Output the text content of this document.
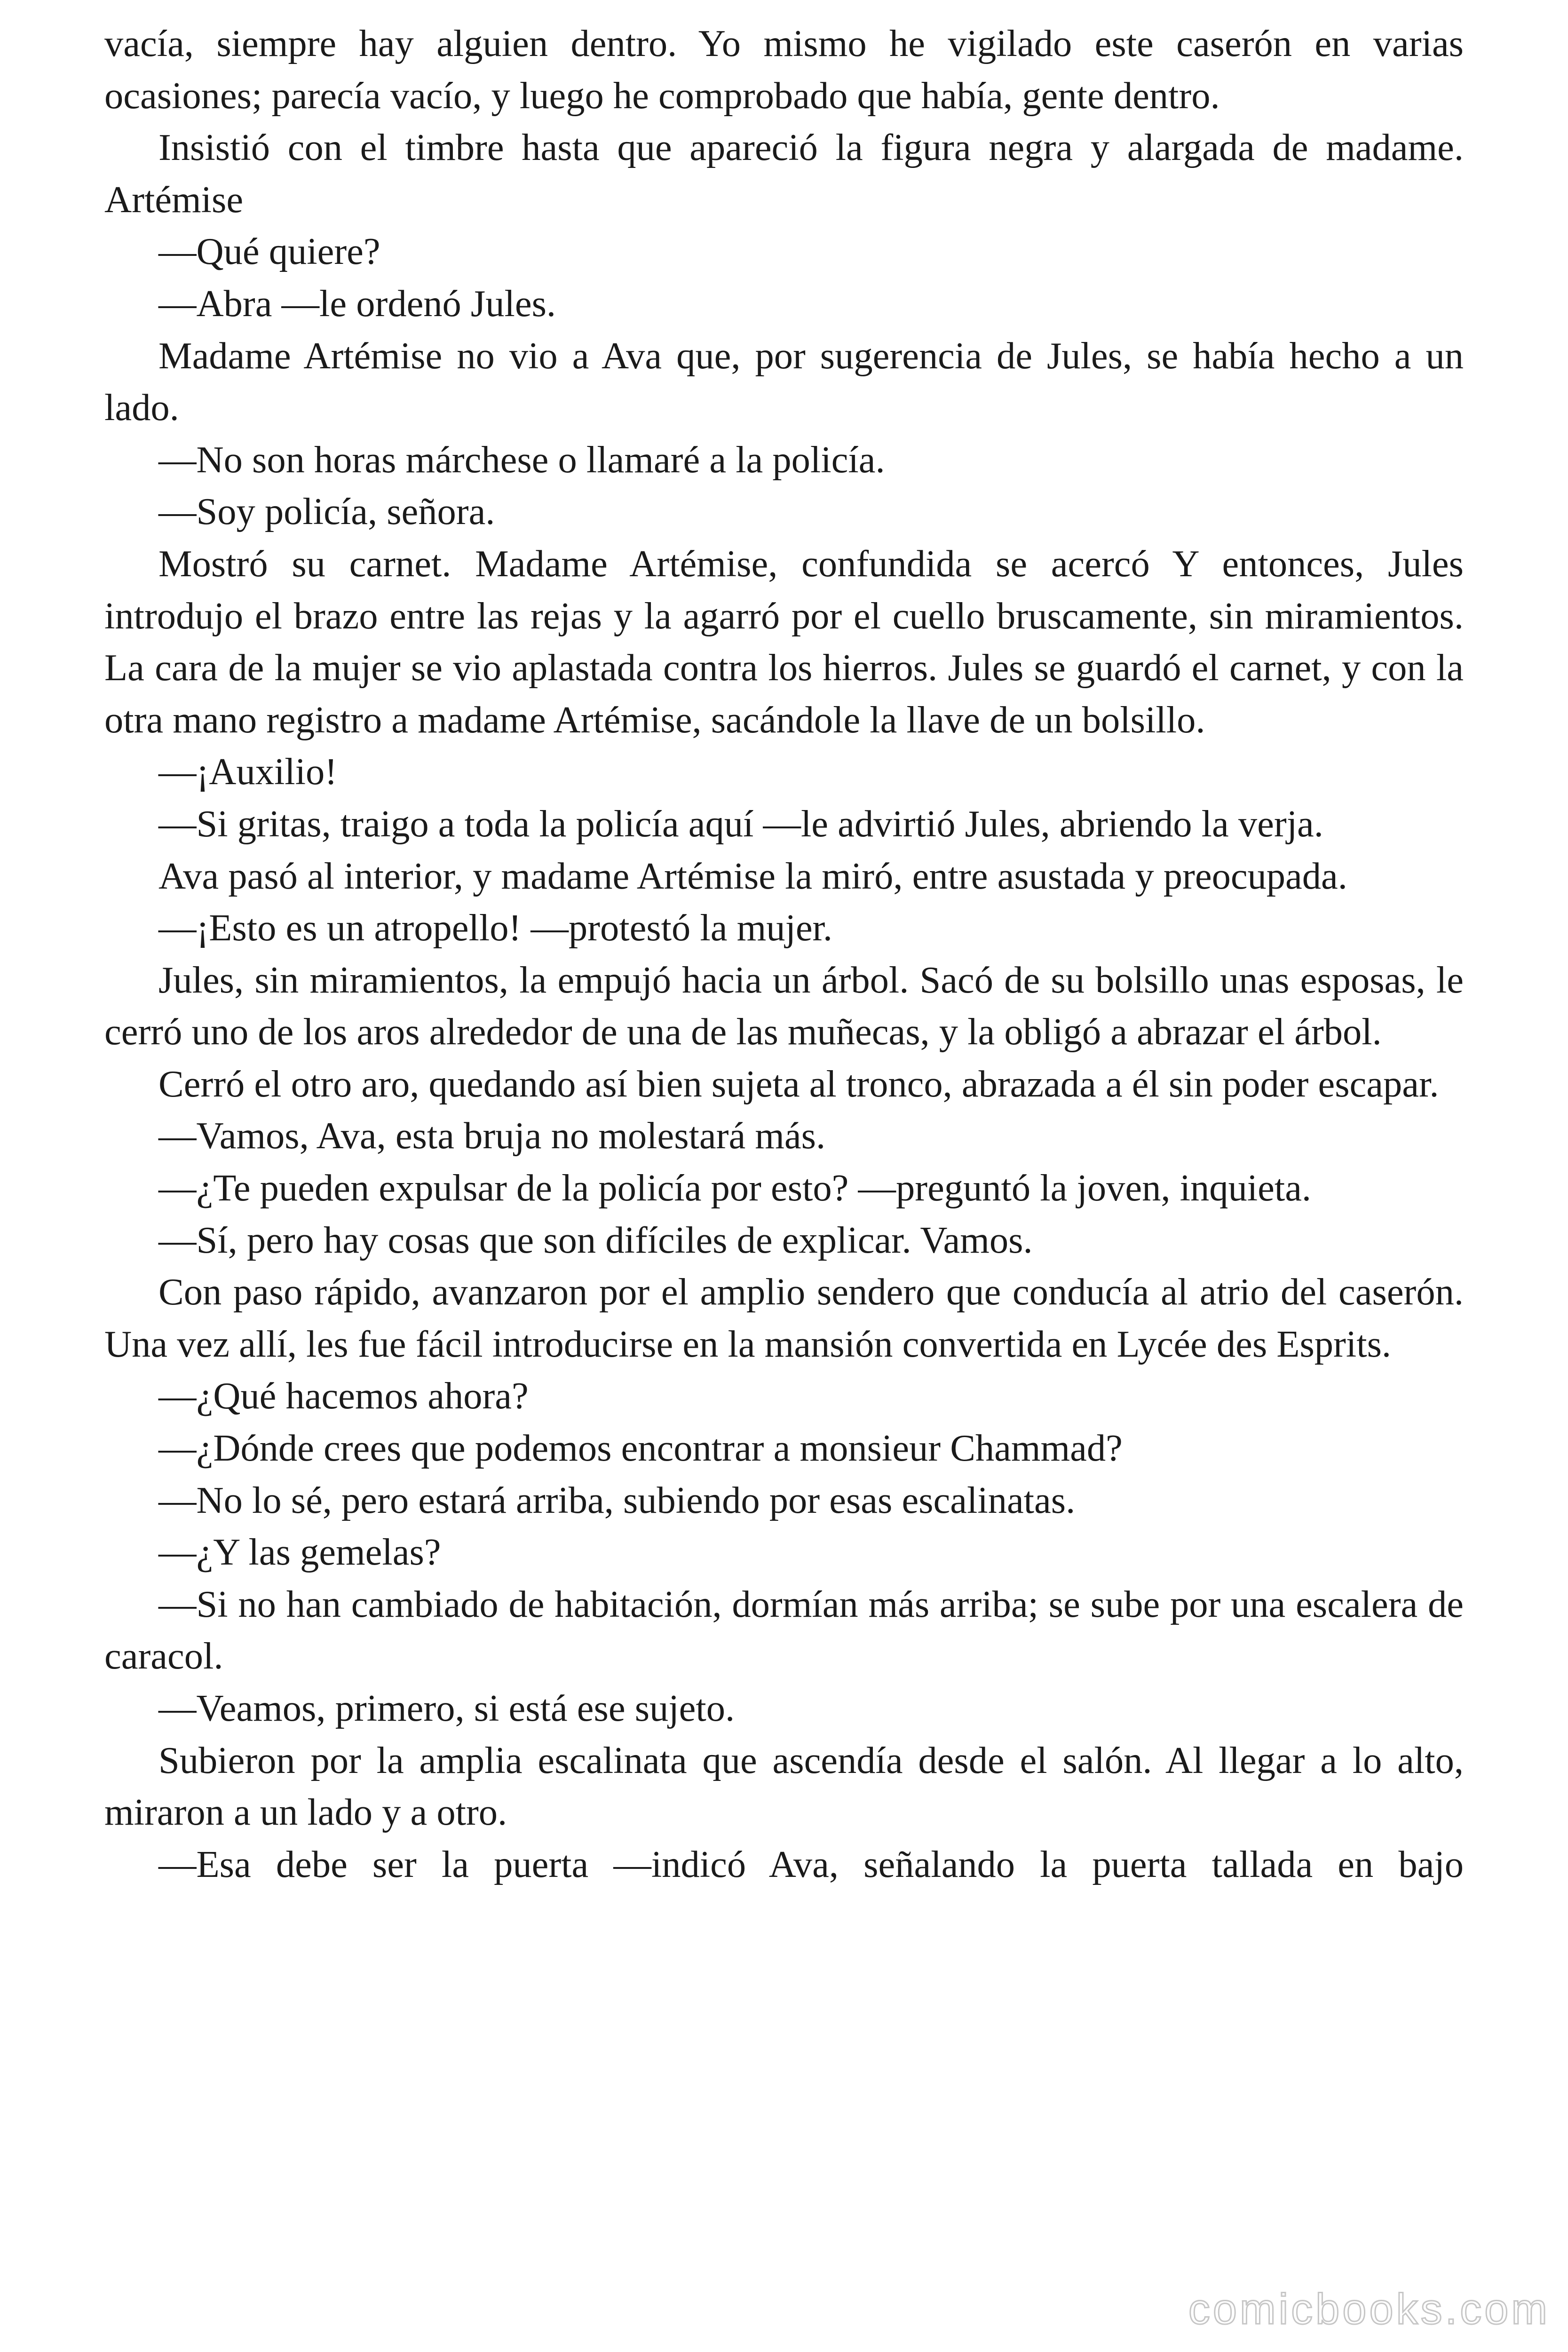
vacía, siempre hay alguien dentro. Yo mismo he vigilado este caserón en varias ocasiones; parecía vacío, y luego he comprobado que había, gente dentro.

Insistió con el timbre hasta que apareció la figura negra y alargada de madame. Artémise

—Qué quiere?

—Abra —le ordenó Jules.

Madame Artémise no vio a Ava que, por sugerencia de Jules, se había hecho a un lado.

—No son horas márchese o llamaré a la policía.

—Soy policía, señora.

Mostró su carnet. Madame Artémise, confundida se acercó Y entonces, Jules introdujo el brazo entre las rejas y la agarró por el cuello bruscamente, sin miramientos. La cara de la mujer se vio aplastada contra los hierros. Jules se guardó el carnet, y con la otra mano registro a madame Artémise, sacándole la llave de un bolsillo.

—¡Auxilio!

—Si gritas, traigo a toda la policía aquí —le advirtió Jules, abriendo la verja.

Ava pasó al interior, y madame Artémise la miró, entre asustada y preocupada.

—¡Esto es un atropello! —protestó la mujer.

Jules, sin miramientos, la empujó hacia un árbol. Sacó de su bolsillo unas esposas, le cerró uno de los aros alrededor de una de las muñecas, y la obligó a abrazar el árbol.

Cerró el otro aro, quedando así bien sujeta al tronco, abrazada a él sin poder escapar.

—Vamos, Ava, esta bruja no molestará más.

—¿Te pueden expulsar de la policía por esto? —preguntó la joven, inquieta.

—Sí, pero hay cosas que son difíciles de explicar. Vamos.

Con paso rápido, avanzaron por el amplio sendero que conducía al atrio del caserón. Una vez allí, les fue fácil introducirse en la mansión convertida en Lycée des Esprits.

—¿Qué hacemos ahora?

—¿Dónde crees que podemos encontrar a monsieur Chammad?

—No lo sé, pero estará arriba, subiendo por esas escalinatas.

—¿Y las gemelas?

—Si no han cambiado de habitación, dormían más arriba; se sube por una escalera de caracol.

—Veamos, primero, si está ese sujeto.

Subieron por la amplia escalinata que ascendía desde el salón. Al llegar a lo alto, miraron a un lado y a otro.

—Esa debe ser la puerta —indicó Ava, señalando la puerta tallada en bajo

comicbooks.com
